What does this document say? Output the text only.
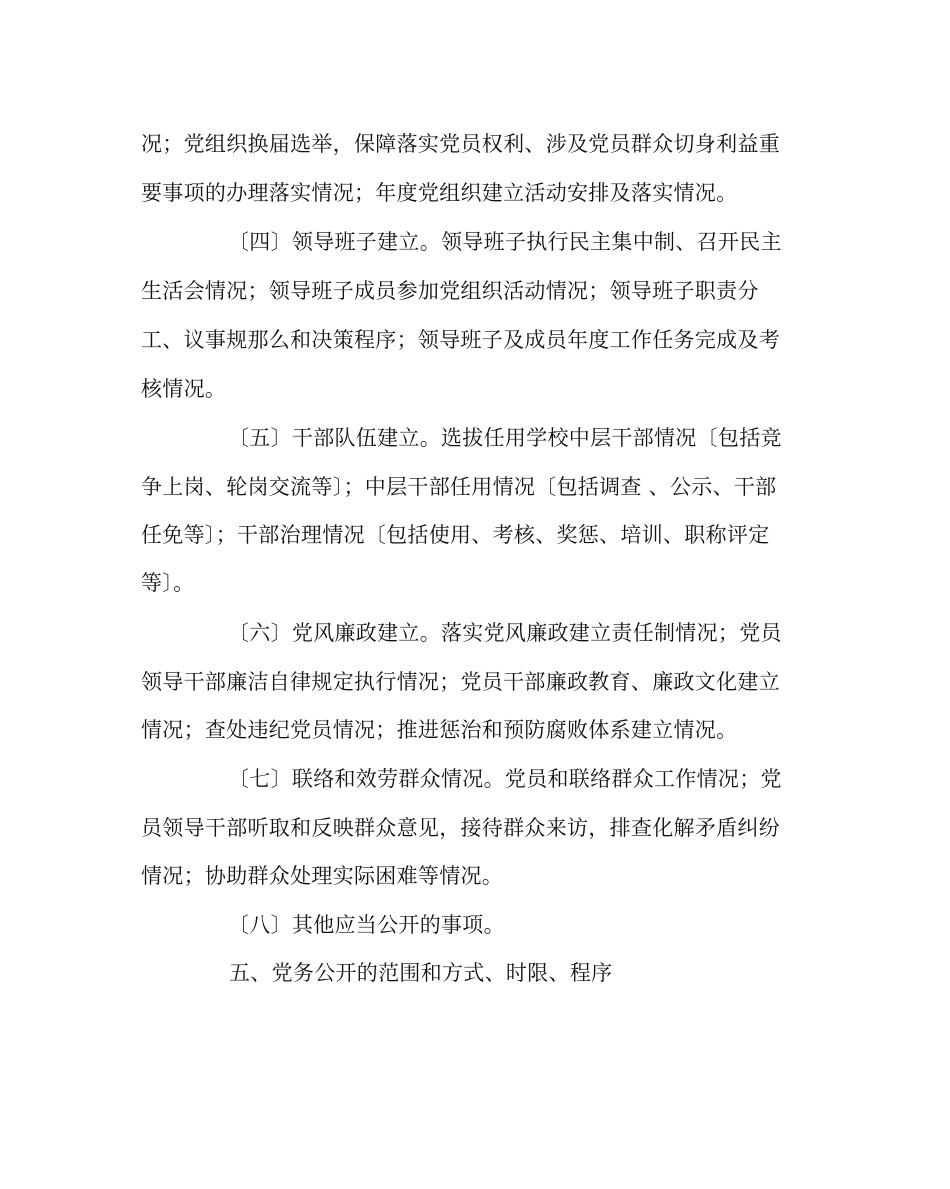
况；党组织换届选举，保障落实党员权利、涉及党员群众切身利益重
要事项的办理落实情况；年度党组织建立活动安排及落实情况。
〔四〕领导班子建立。领导班子执行民主集中制、召开民主
生活会情况；领导班子成员参加党组织活动情况；领导班子职责分
工、议事规那么和决策程序；领导班子及成员年度工作任务完成及考
核情况。
〔五〕干部队伍建立。选拔任用学校中层干部情况〔包括竞
争上岗、轮岗交流等〕；中层干部任用情况〔包括调查 、公示、干部
任免等〕；干部治理情况〔包括使用、考核、奖惩、培训、职称评定
等〕。
〔六〕党风廉政建立。落实党风廉政建立责任制情况；党员
领导干部廉洁自律规定执行情况；党员干部廉政教育、廉政文化建立
情况；查处违纪党员情况；推进惩治和预防腐败体系建立情况。
〔七〕联络和效劳群众情况。党员和联络群众工作情况；党
员领导干部听取和反映群众意见，接待群众来访，排查化解矛盾纠纷
情况；协助群众处理实际困难等情况。
〔八〕其他应当公开的事项。
五、党务公开的范围和方式、时限、程序
